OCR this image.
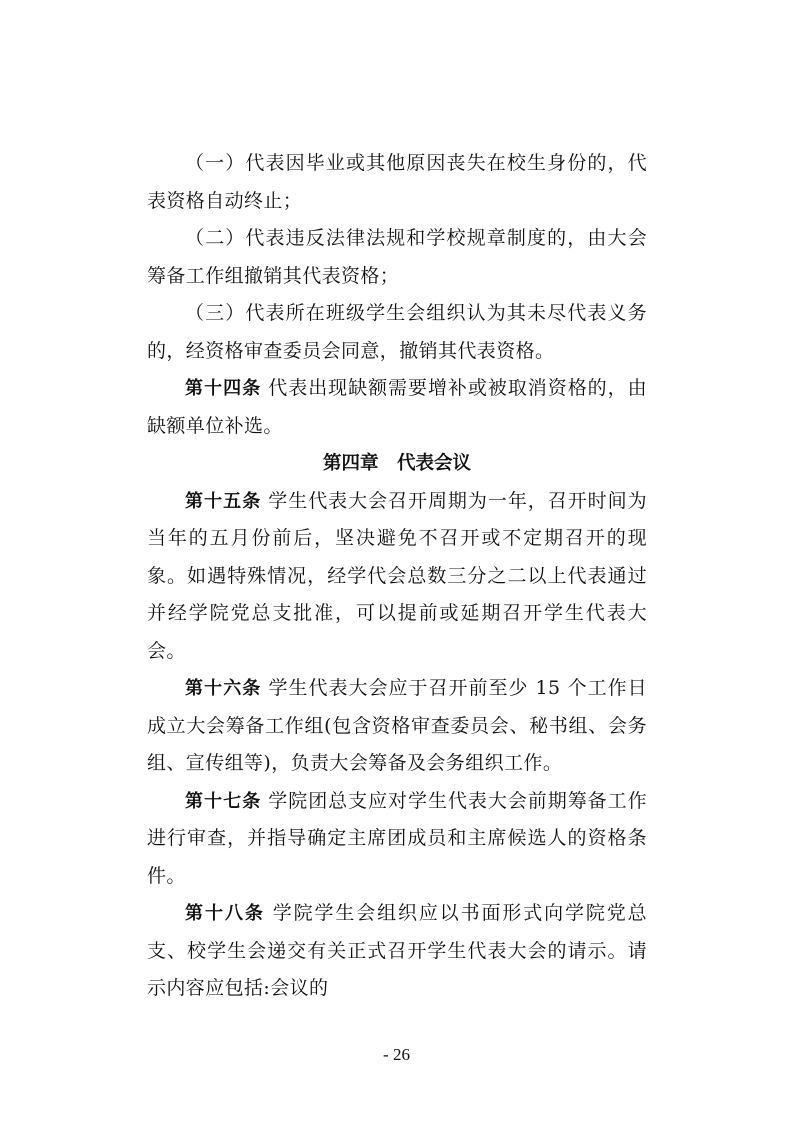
（一）代表因毕业或其他原因丧失在校生身份的，代表资格自动终止；

（二）代表违反法律法规和学校规章制度的，由大会筹备工作组撤销其代表资格；

（三）代表所在班级学生会组织认为其未尽代表义务的，经资格审查委员会同意，撤销其代表资格。

第十四条 代表出现缺额需要增补或被取消资格的，由缺额单位补选。

第四章　代表会议

第十五条 学生代表大会召开周期为一年，召开时间为当年的五月份前后，坚决避免不召开或不定期召开的现象。如遇特殊情况，经学代会总数三分之二以上代表通过并经学院党总支批准，可以提前或延期召开学生代表大会。

第十六条 学生代表大会应于召开前至少 15 个工作日成立大会筹备工作组(包含资格审查委员会、秘书组、会务组、宣传组等)，负责大会筹备及会务组织工作。

第十七条 学院团总支应对学生代表大会前期筹备工作进行审查，并指导确定主席团成员和主席候选人的资格条件。

第十八条 学院学生会组织应以书面形式向学院党总支、校学生会递交有关正式召开学生代表大会的请示。请示内容应包括:会议的

- 26
